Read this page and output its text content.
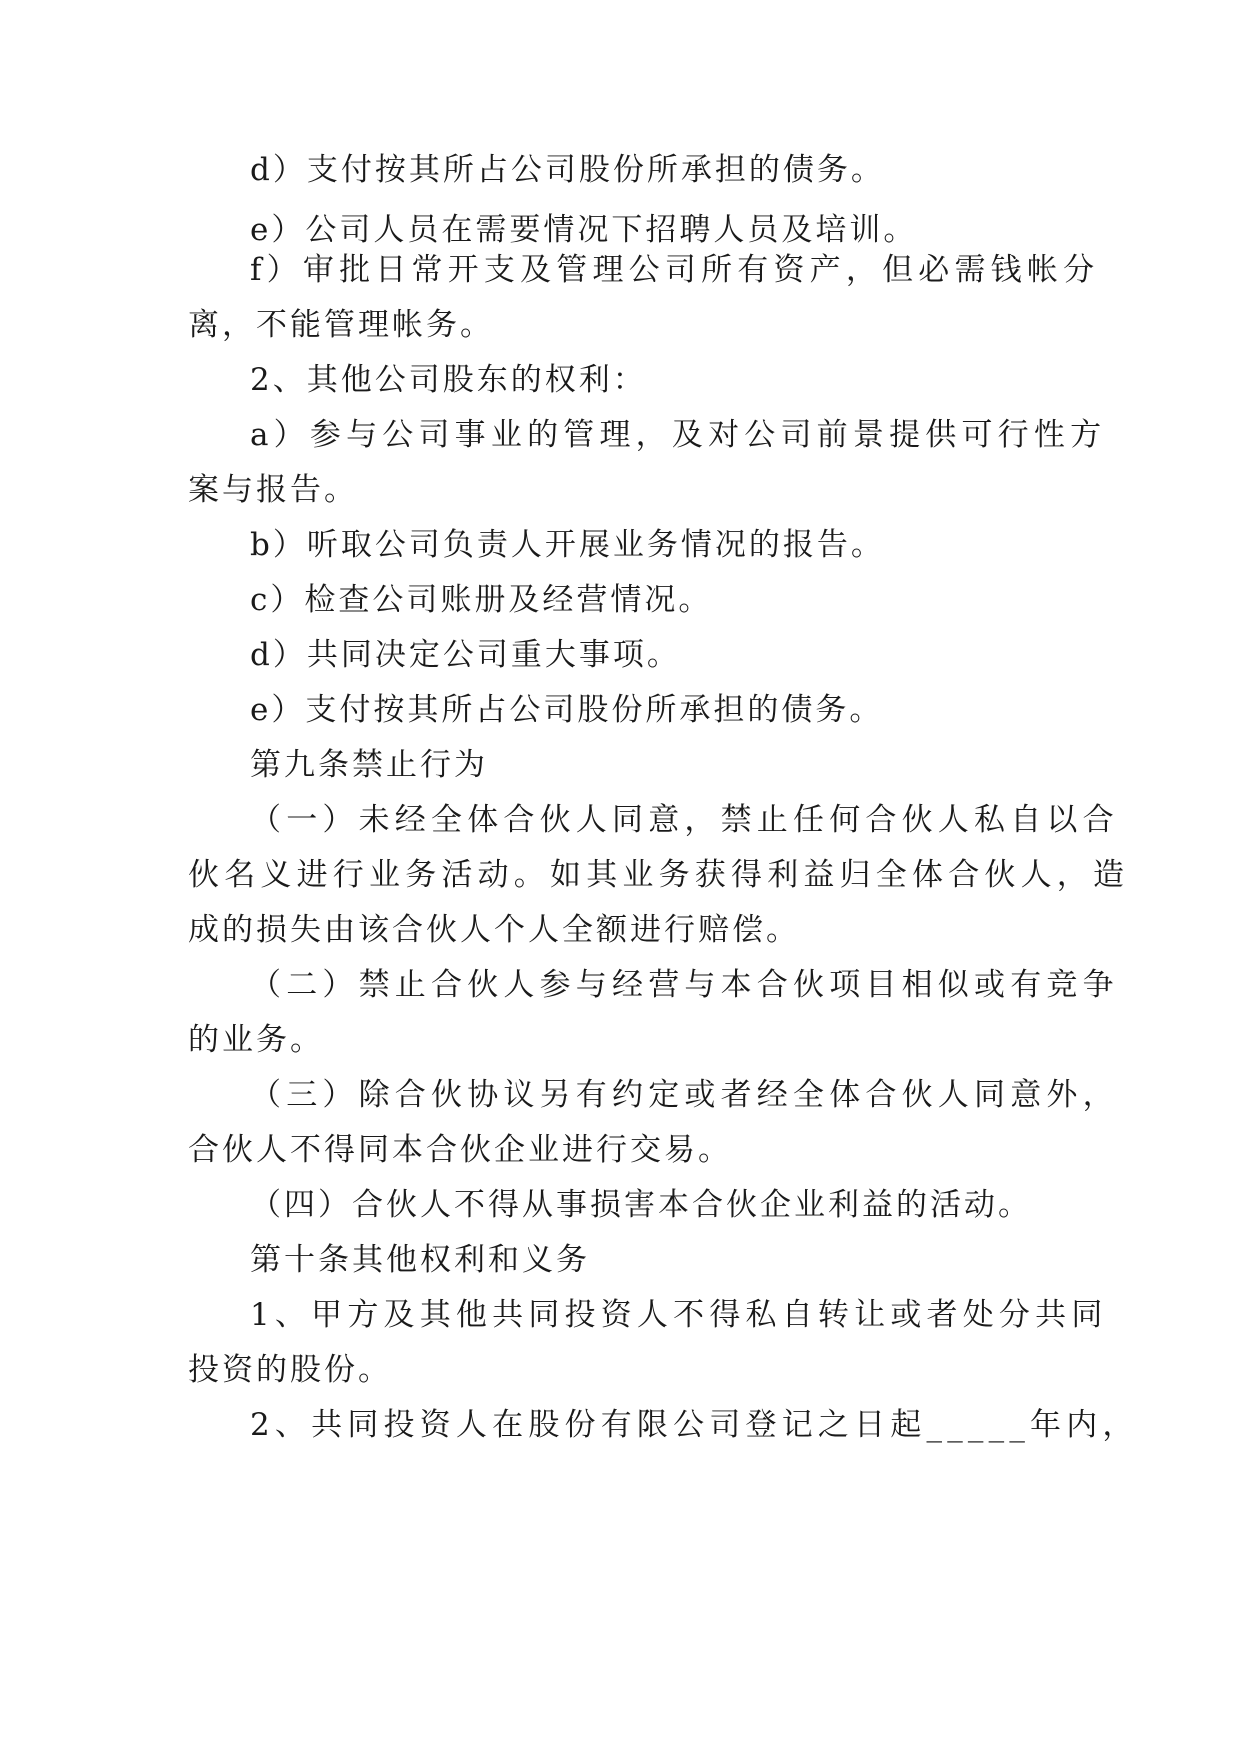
d）支付按其所占公司股份所承担的债务。
e）公司人员在需要情况下招聘人员及培训。
f）审批日常开支及管理公司所有资产，但必需钱帐分
离，不能管理帐务。
2、其他公司股东的权利：
a）参与公司事业的管理，及对公司前景提供可行性方
案与报告。
b）听取公司负责人开展业务情况的报告。
c）检查公司账册及经营情况。
d）共同决定公司重大事项。
e）支付按其所占公司股份所承担的债务。
第九条禁止行为
（一）未经全体合伙人同意，禁止任何合伙人私自以合
伙名义进行业务活动。如其业务获得利益归全体合伙人，造
成的损失由该合伙人个人全额进行赔偿。
（二）禁止合伙人参与经营与本合伙项目相似或有竞争
的业务。
（三）除合伙协议另有约定或者经全体合伙人同意外，
合伙人不得同本合伙企业进行交易。
（四）合伙人不得从事损害本合伙企业利益的活动。
第十条其他权利和义务
1、甲方及其他共同投资人不得私自转让或者处分共同
投资的股份。
2、共同投资人在股份有限公司登记之日起_____年内，
